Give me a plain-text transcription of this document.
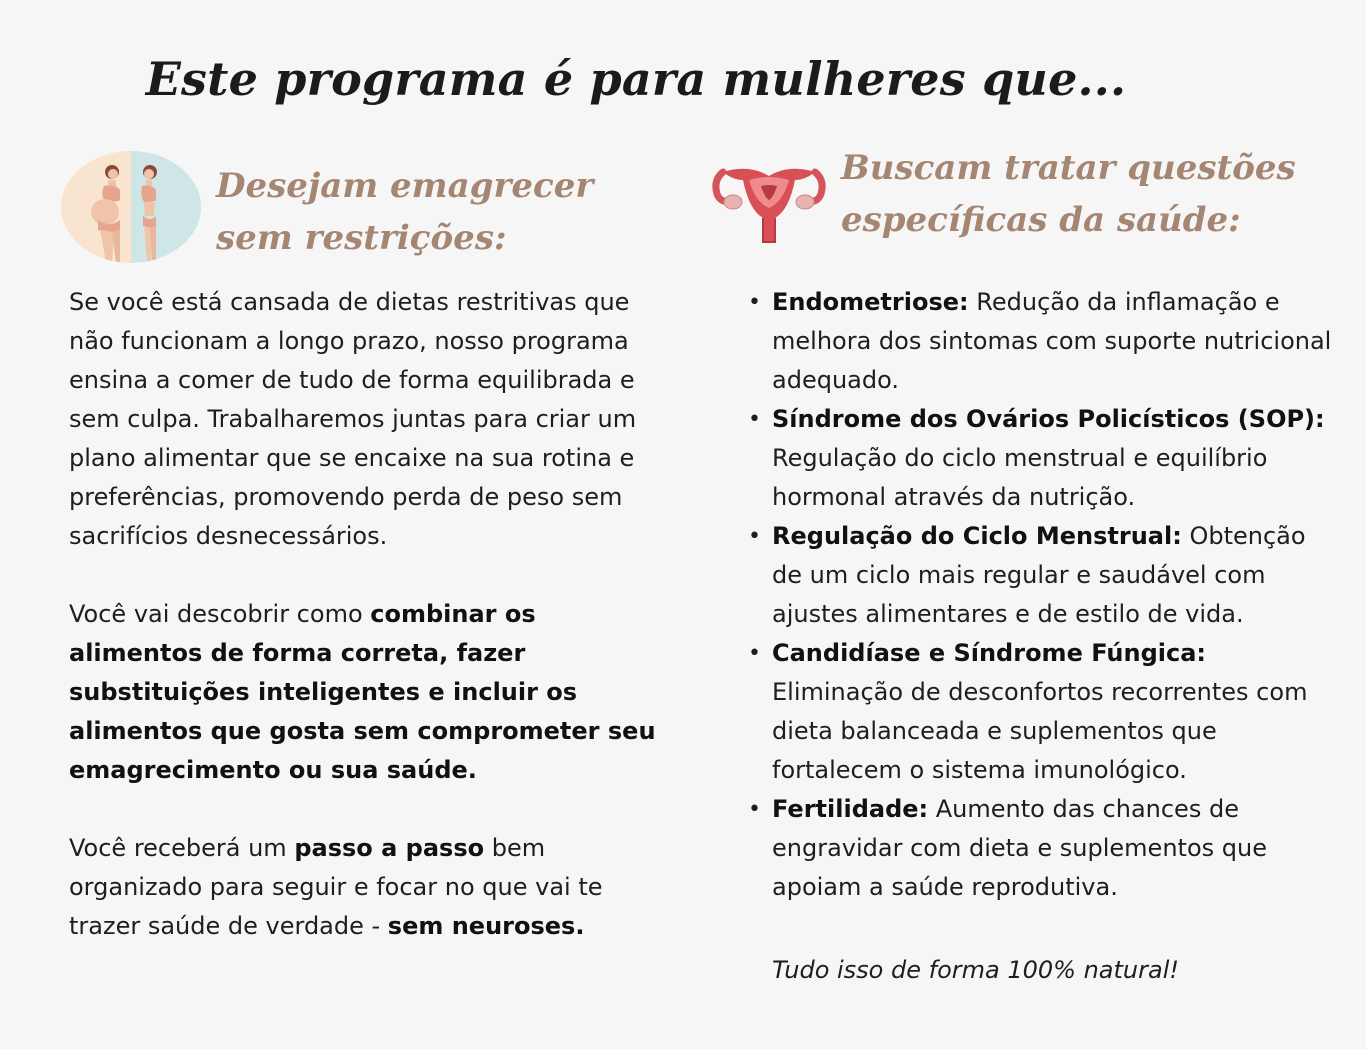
Este programa é para mulheres que...
Desejam emagrecer
sem restrições:

Se você está cansada de dietas restritivas que não funcionam a longo prazo, nosso programa ensina a comer de tudo de forma equilibrada e sem culpa. Trabalharemos juntas para criar um plano alimentar que se encaixe na sua rotina e preferências, promovendo perda de peso sem sacrifícios desnecessários.

Você vai descobrir como combinar os alimentos de forma correta, fazer substituições inteligentes e incluir os alimentos que gosta sem comprometer seu emagrecimento ou sua saúde.

Você receberá um passo a passo bem organizado para seguir e focar no que vai te trazer saúde de verdade - sem neuroses.

Buscam tratar questões
específicas da saúde:
• Endometriose: Redução da inflamação e melhora dos sintomas com suporte nutricional adequado.
• Síndrome dos Ovários Policísticos (SOP): Regulação do ciclo menstrual e equilíbrio hormonal através da nutrição.
• Regulação do Ciclo Menstrual: Obtenção de um ciclo mais regular e saudável com ajustes alimentares e de estilo de vida.
• Candidíase e Síndrome Fúngica: Eliminação de desconfortos recorrentes com dieta balanceada e suplementos que fortalecem o sistema imunológico.
• Fertilidade: Aumento das chances de engravidar com dieta e suplementos que apoiam a saúde reprodutiva.

Tudo isso de forma 100% natural!
